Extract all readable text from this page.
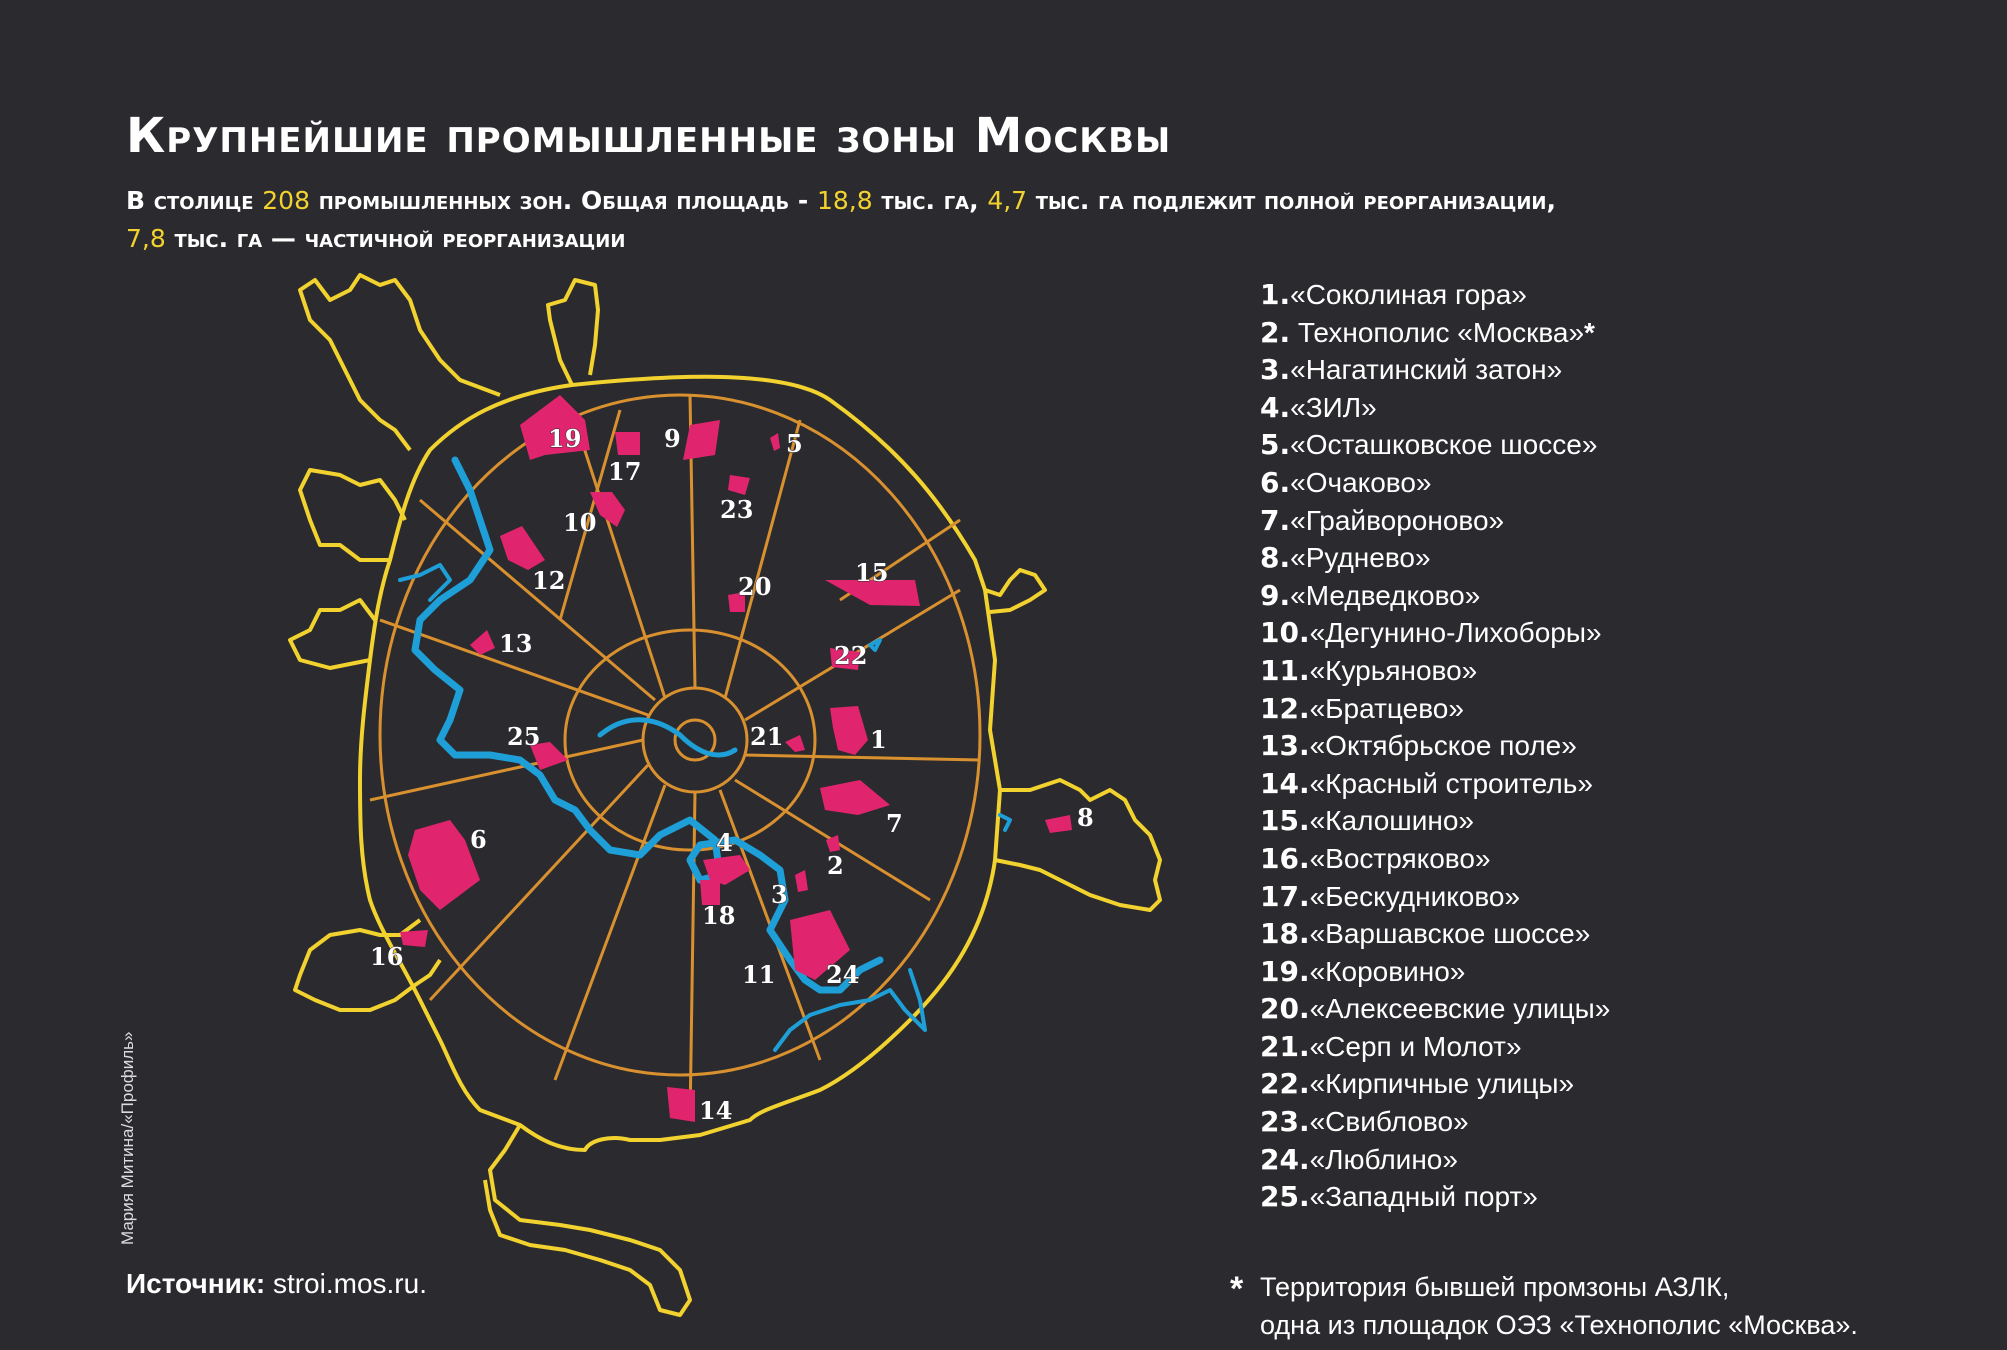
Крупнейшие промышленные зоны Москвы
В столице 208 промышленных зон. Общая площадь - 18,8 тыс. га, 4,7 тыс. га подлежит полной реорганизации,
7,8 тыс. га — частичной реорганизации
19
17
9	5
10	23
12	20	15
13	22
25	21	1
7	8
6	4
2
3
18
16
11 24
14
1.«Соколиная гора»
2. Технополис «Москва»*
3.«Нагатинский затон»
4.«ЗИЛ»
5.«Осташковское шоссе»
6.«Очаково»
7.«Грайвороново»
8.«Руднево»
9.«Медведково»
10.«Дегунино-Лихоборы»
11.«Курьяново»
12.«Братцево»
13.«Октябрьское поле»
14.«Красный строитель»
15.«Калошино»
16.«Востряково»
17.«Бескудниково»
18.«Варшавское шоссе»
19.«Коровино»
20.«Алексеевские улицы»
21.«Серп и Молот»
22.«Кирпичные улицы»
23.«Свиблово»
24.«Люблино»
25.«Западный порт»
Источник: stroi.mos.ru.
Мария Митина/«Профиль»
* Территория бывшей промзоны АЗЛК,
одна из площадок ОЭЗ «Технополис «Москва».
